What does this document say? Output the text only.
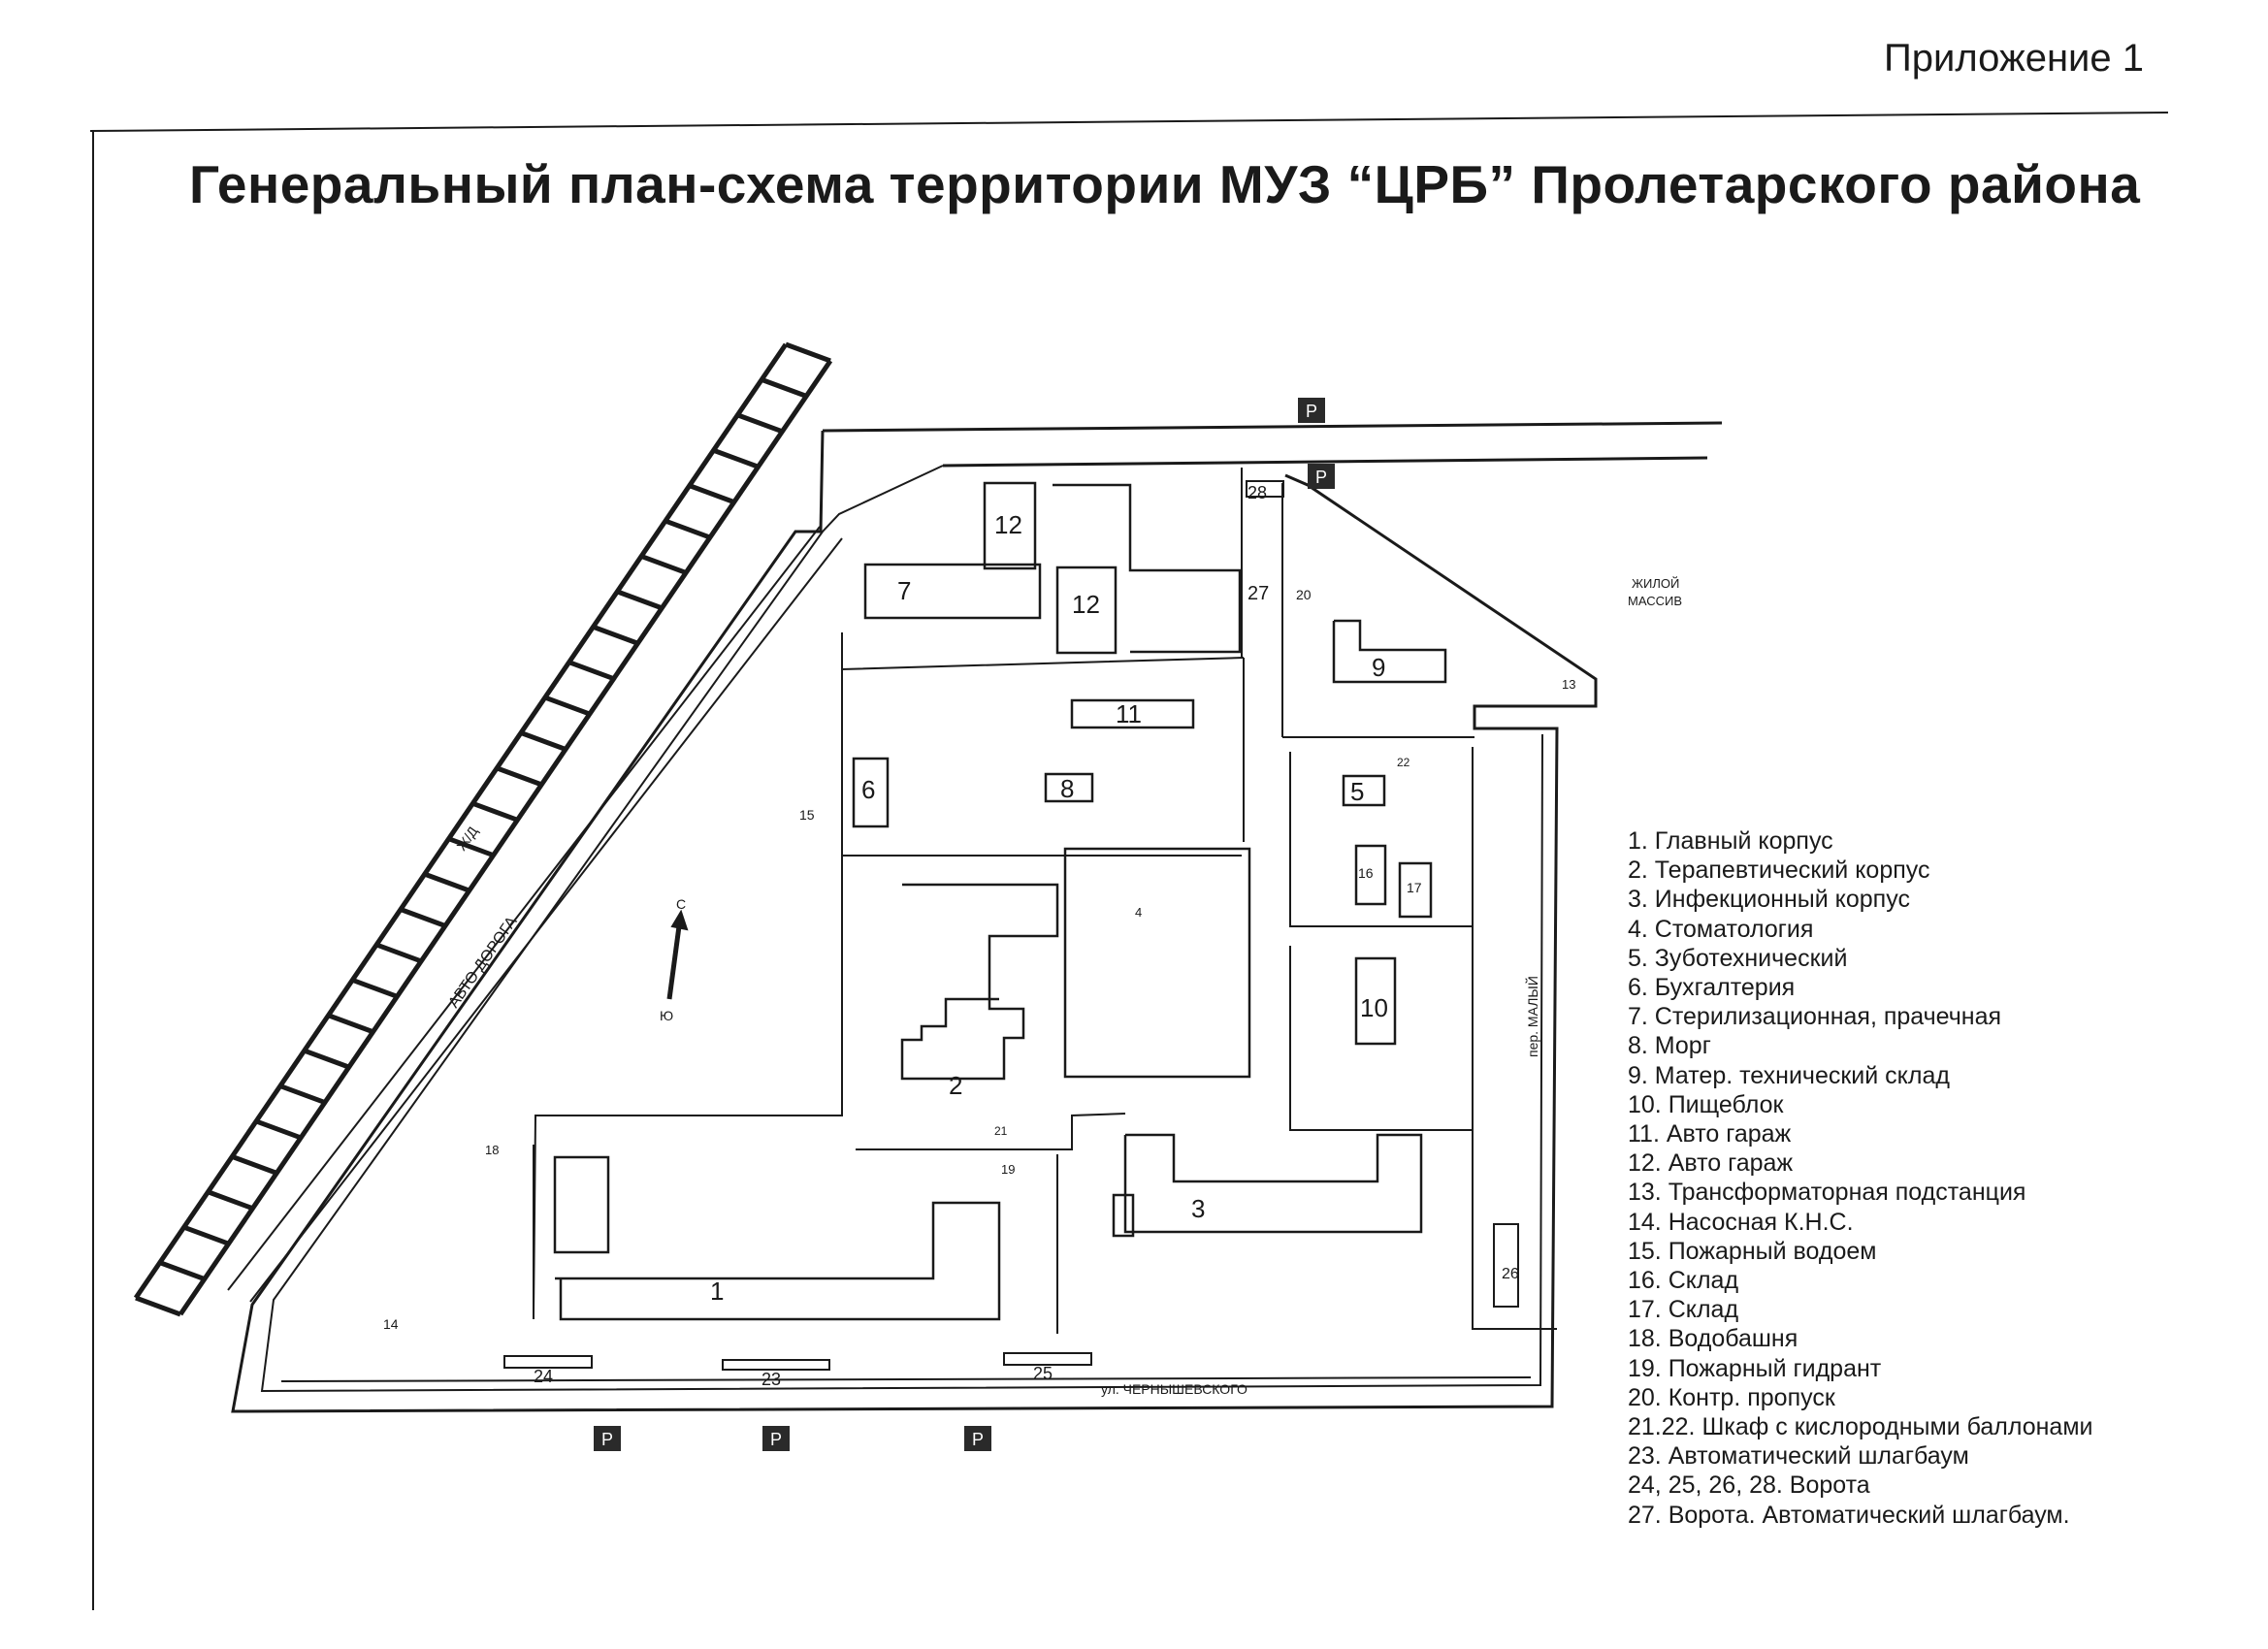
Приложение 1
Генеральный план-схема территории МУЗ “ЦРБ” Пролетарского района
P
P
P	P	P
1
2
3
4
5
6
7
8
9
10
11
12
12
13
14
15
16
17
18
19
20
21
22
23
24	25
26
27
28
С
Ю
ЖИЛОЙ
МАССИВ
ул. ЧЕРНЫШЕВСКОГО
Ж/Д
АВТО ДОРОГА
пер. МАЛЫЙ
1. Главный корпус
2. Терапевтический корпус
3. Инфекционный корпус
4. Стоматология
5. Зуботехнический
6. Бухгалтерия
7. Стерилизационная, прачечная
8. Морг
9. Матер. технический склад
10. Пищеблок
11. Авто гараж
12. Авто гараж
13. Трансформаторная подстанция
14. Насосная К.Н.С.
15. Пожарный водоем
16. Склад
17. Склад
18. Водобашня
19. Пожарный гидрант
20. Контр. пропуск
21.22. Шкаф с кислородными баллонами
23. Автоматический шлагбаум
24, 25, 26, 28. Ворота
27. Ворота. Автоматический шлагбаум.
